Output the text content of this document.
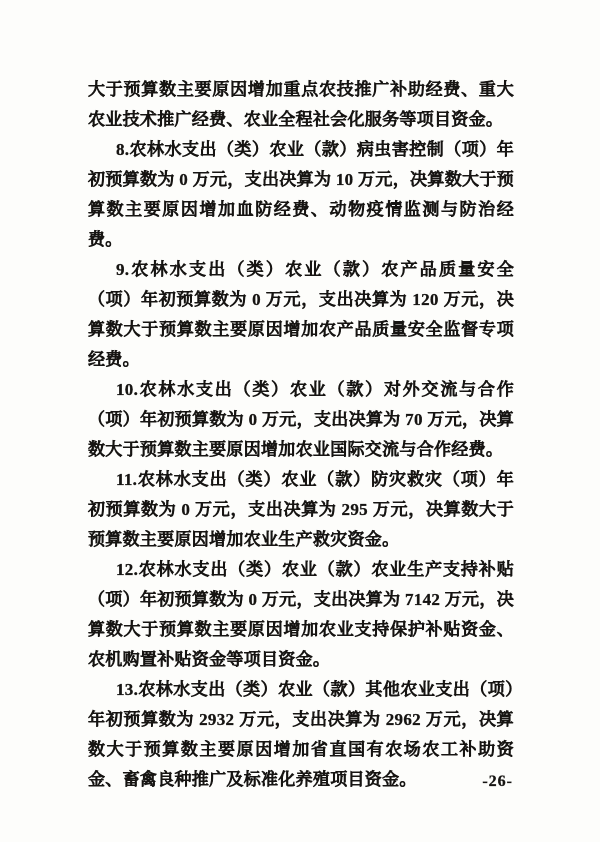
大于预算数主要原因增加重点农技推广补助经费、重大农业技术推广经费、农业全程社会化服务等项目资金。

8.农林水支出（类）农业（款）病虫害控制（项）年初预算数为 0 万元，支出决算为 10 万元，决算数大于预算数主要原因增加血防经费、动物疫情监测与防治经费。

9.农林水支出（类）农业（款）农产品质量安全（项）年初预算数为 0 万元，支出决算为 120 万元，决算数大于预算数主要原因增加农产品质量安全监督专项经费。

10.农林水支出（类）农业（款）对外交流与合作（项）年初预算数为 0 万元，支出决算为 70 万元，决算数大于预算数主要原因增加农业国际交流与合作经费。

11.农林水支出（类）农业（款）防灾救灾（项）年初预算数为 0 万元，支出决算为 295 万元，决算数大于预算数主要原因增加农业生产救灾资金。

12.农林水支出（类）农业（款）农业生产支持补贴（项）年初预算数为 0 万元，支出决算为 7142 万元，决算数大于预算数主要原因增加农业支持保护补贴资金、农机购置补贴资金等项目资金。

13.农林水支出（类）农业（款）其他农业支出（项）年初预算数为 2932 万元，支出决算为 2962 万元，决算数大于预算数主要原因增加省直国有农场农工补助资金、畜禽良种推广及标准化养殖项目资金。	-26-
